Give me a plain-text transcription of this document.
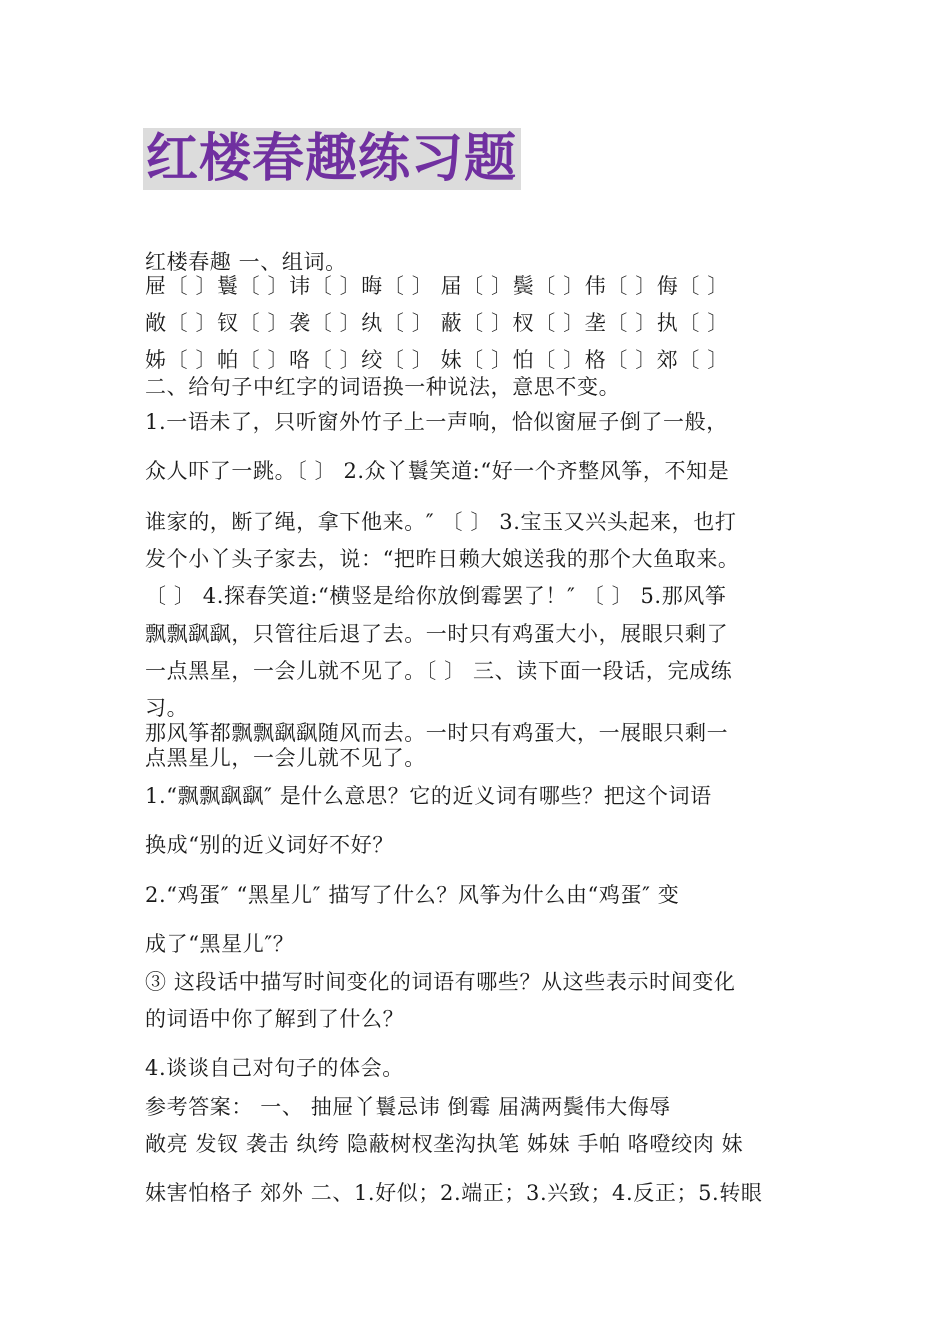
红楼春趣练习题
红楼春趣 一、组词。
屉〔 〕鬟〔 〕讳〔 〕晦〔 〕 届〔 〕鬓〔 〕伟〔 〕侮〔 〕
敞〔 〕钗〔 〕袭〔 〕纨〔 〕 蔽〔 〕杈〔 〕垄〔 〕执〔 〕
姊〔 〕帕〔 〕咯〔 〕绞〔 〕 妹〔 〕怕〔 〕格〔 〕郊〔 〕
二、给句子中红字的词语换一种说法，意思不变。
1.一语未了，只听窗外竹子上一声响，恰似窗屉子倒了一般，
众人吓了一跳。〔 〕 2.众丫鬟笑道:“好一个齐整风筝，不知是
谁家的，断了绳，拿下他来。″ 〔 〕 3.宝玉又兴头起来，也打
发个小丫头子家去，说：“把昨日赖大娘送我的那个大鱼取来。
〔 〕 4.探春笑道:“横竖是给你放倒霉罢了！″ 〔 〕 5.那风筝
飘飘飖飖，只管往后退了去。一时只有鸡蛋大小，展眼只剩了
一点黑星，一会儿就不见了。〔 〕 三、读下面一段话，完成练
习。
那风筝都飘飘飖飖随风而去。一时只有鸡蛋大，一展眼只剩一
点黑星儿，一会儿就不见了。
1.“飘飘飖飖″ 是什么意思？它的近义词有哪些？把这个词语
换成“别的近义词好不好？
2.“鸡蛋″ “黑星儿″ 描写了什么？风筝为什么由“鸡蛋″ 变
成了“黑星儿″？
③ 这段话中描写时间变化的词语有哪些？从这些表示时间变化
的词语中你了解到了什么？
4.谈谈自己对句子的体会。
参考答案： 一、 抽屉丫鬟忌讳 倒霉 届满两鬓伟大侮辱
敞亮 发钗 袭击 纨绔 隐蔽树杈垄沟执笔 姊妹 手帕 咯噔绞肉 妹
妹害怕格子 郊外 二、1.好似；2.端正；3.兴致；4.反正；5.转眼
